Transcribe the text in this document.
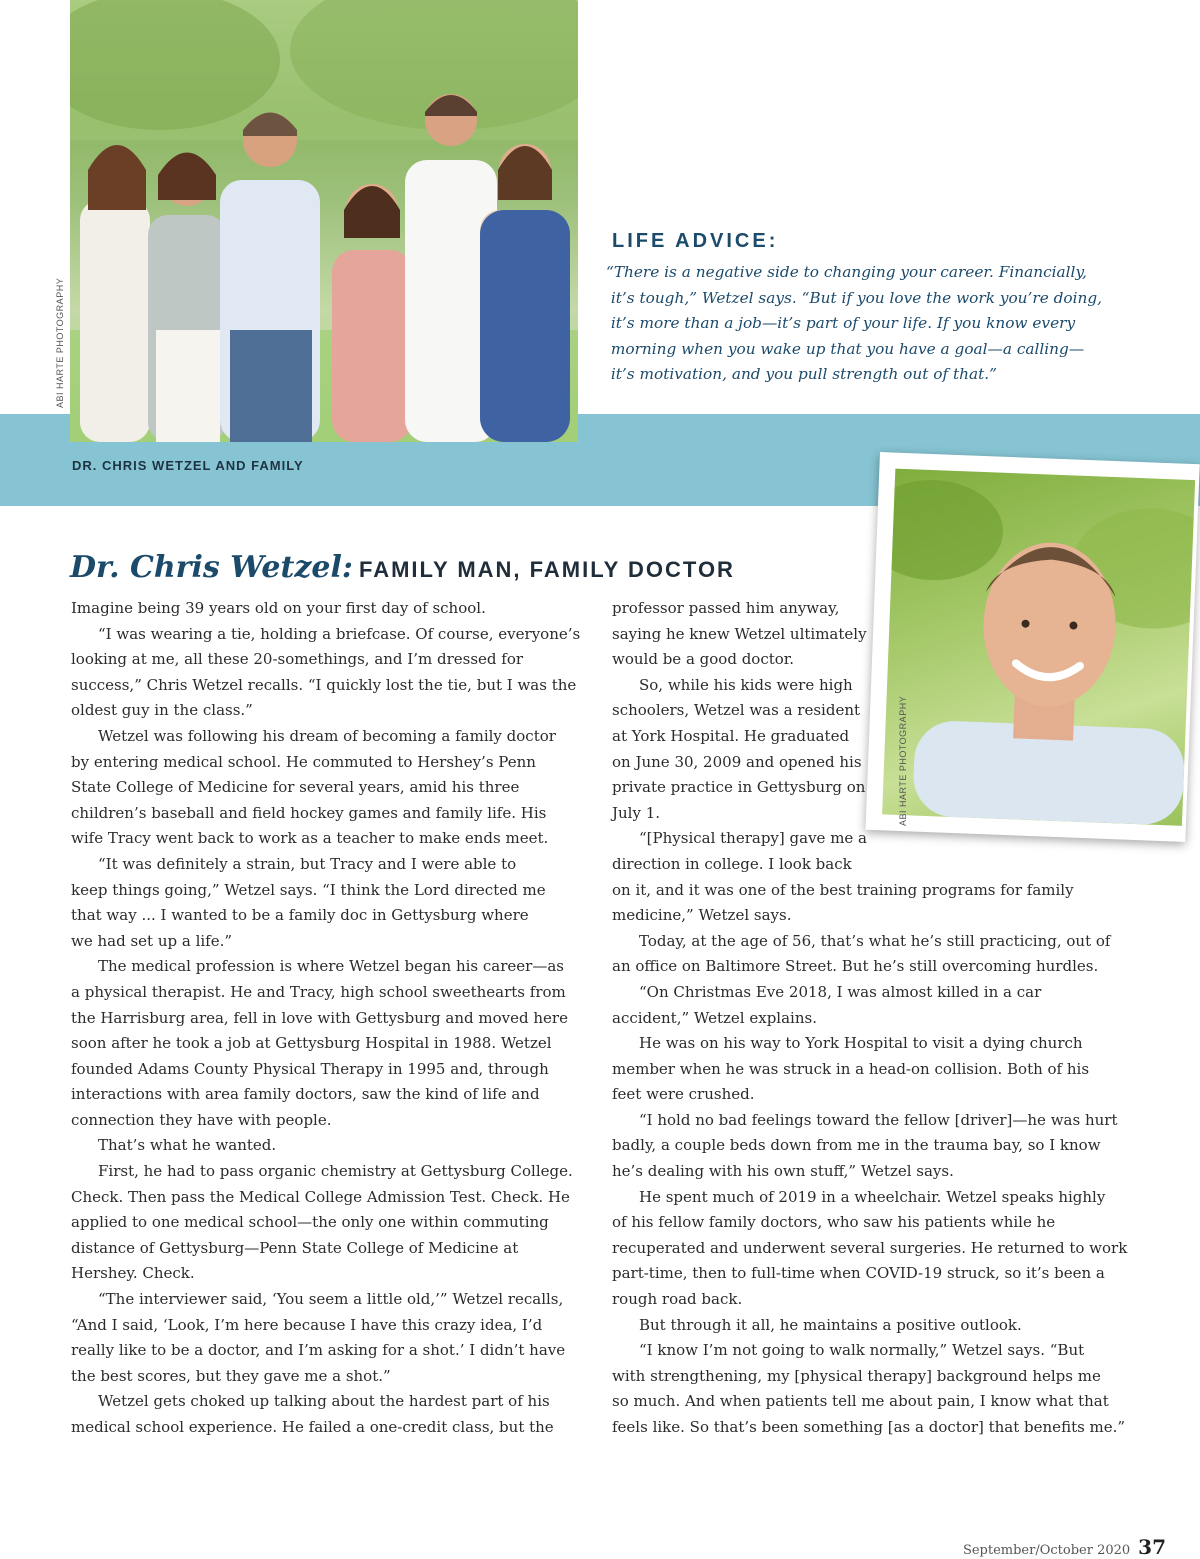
ABI HARTE PHOTOGRAPHY
DR. CHRIS WETZEL AND FAMILY
LIFE ADVICE:
“There is a negative side to changing your career. Financially,
it’s tough,” Wetzel says. “But if you love the work you’re doing,
it’s more than a job—it’s part of your life. If you know every
morning when you wake up that you have a goal—a calling—
it’s motivation, and you pull strength out of that.”
ABI HARTE PHOTOGRAPHY
Dr. Chris Wetzel: FAMILY MAN, FAMILY DOCTOR
Imagine being 39 years old on your first day of school.
“I was wearing a tie, holding a briefcase. Of course, everyone’s
looking at me, all these 20-somethings, and I’m dressed for
success,” Chris Wetzel recalls. “I quickly lost the tie, but I was the
oldest guy in the class.”
Wetzel was following his dream of becoming a family doctor
by entering medical school. He commuted to Hershey’s Penn
State College of Medicine for several years, amid his three
children’s baseball and field hockey games and family life. His
wife Tracy went back to work as a teacher to make ends meet.
“It was definitely a strain, but Tracy and I were able to
keep things going,” Wetzel says. “I think the Lord directed me
that way ... I wanted to be a family doc in Gettysburg where
we had set up a life.”
The medical profession is where Wetzel began his career—as
a physical therapist. He and Tracy, high school sweethearts from
the Harrisburg area, fell in love with Gettysburg and moved here
soon after he took a job at Gettysburg Hospital in 1988. Wetzel
founded Adams County Physical Therapy in 1995 and, through
interactions with area family doctors, saw the kind of life and
connection they have with people.
That’s what he wanted.
First, he had to pass organic chemistry at Gettysburg College.
Check. Then pass the Medical College Admission Test. Check. He
applied to one medical school—the only one within commuting
distance of Gettysburg—Penn State College of Medicine at
Hershey. Check.
“The interviewer said, ‘You seem a little old,’” Wetzel recalls,
“And I said, ‘Look, I’m here because I have this crazy idea, I’d
really like to be a doctor, and I’m asking for a shot.’ I didn’t have
the best scores, but they gave me a shot.”
Wetzel gets choked up talking about the hardest part of his
medical school experience. He failed a one-credit class, but the
professor passed him anyway,
saying he knew Wetzel ultimately
would be a good doctor.
So, while his kids were high
schoolers, Wetzel was a resident
at York Hospital. He graduated
on June 30, 2009 and opened his
private practice in Gettysburg on
July 1.
“[Physical therapy] gave me a
direction in college. I look back
on it, and it was one of the best training programs for family
medicine,” Wetzel says.
Today, at the age of 56, that’s what he’s still practicing, out of
an office on Baltimore Street. But he’s still overcoming hurdles.
“On Christmas Eve 2018, I was almost killed in a car
accident,” Wetzel explains.
He was on his way to York Hospital to visit a dying church
member when he was struck in a head-on collision. Both of his
feet were crushed.
“I hold no bad feelings toward the fellow [driver]—he was hurt
badly, a couple beds down from me in the trauma bay, so I know
he’s dealing with his own stuff,” Wetzel says.
He spent much of 2019 in a wheelchair. Wetzel speaks highly
of his fellow family doctors, who saw his patients while he
recuperated and underwent several surgeries. He returned to work
part-time, then to full-time when COVID-19 struck, so it’s been a
rough road back.
But through it all, he maintains a positive outlook.
“I know I’m not going to walk normally,” Wetzel says. “But
with strengthening, my [physical therapy] background helps me
so much. And when patients tell me about pain, I know what that
feels like. So that’s been something [as a doctor] that benefits me.”
September/October 2020 37
